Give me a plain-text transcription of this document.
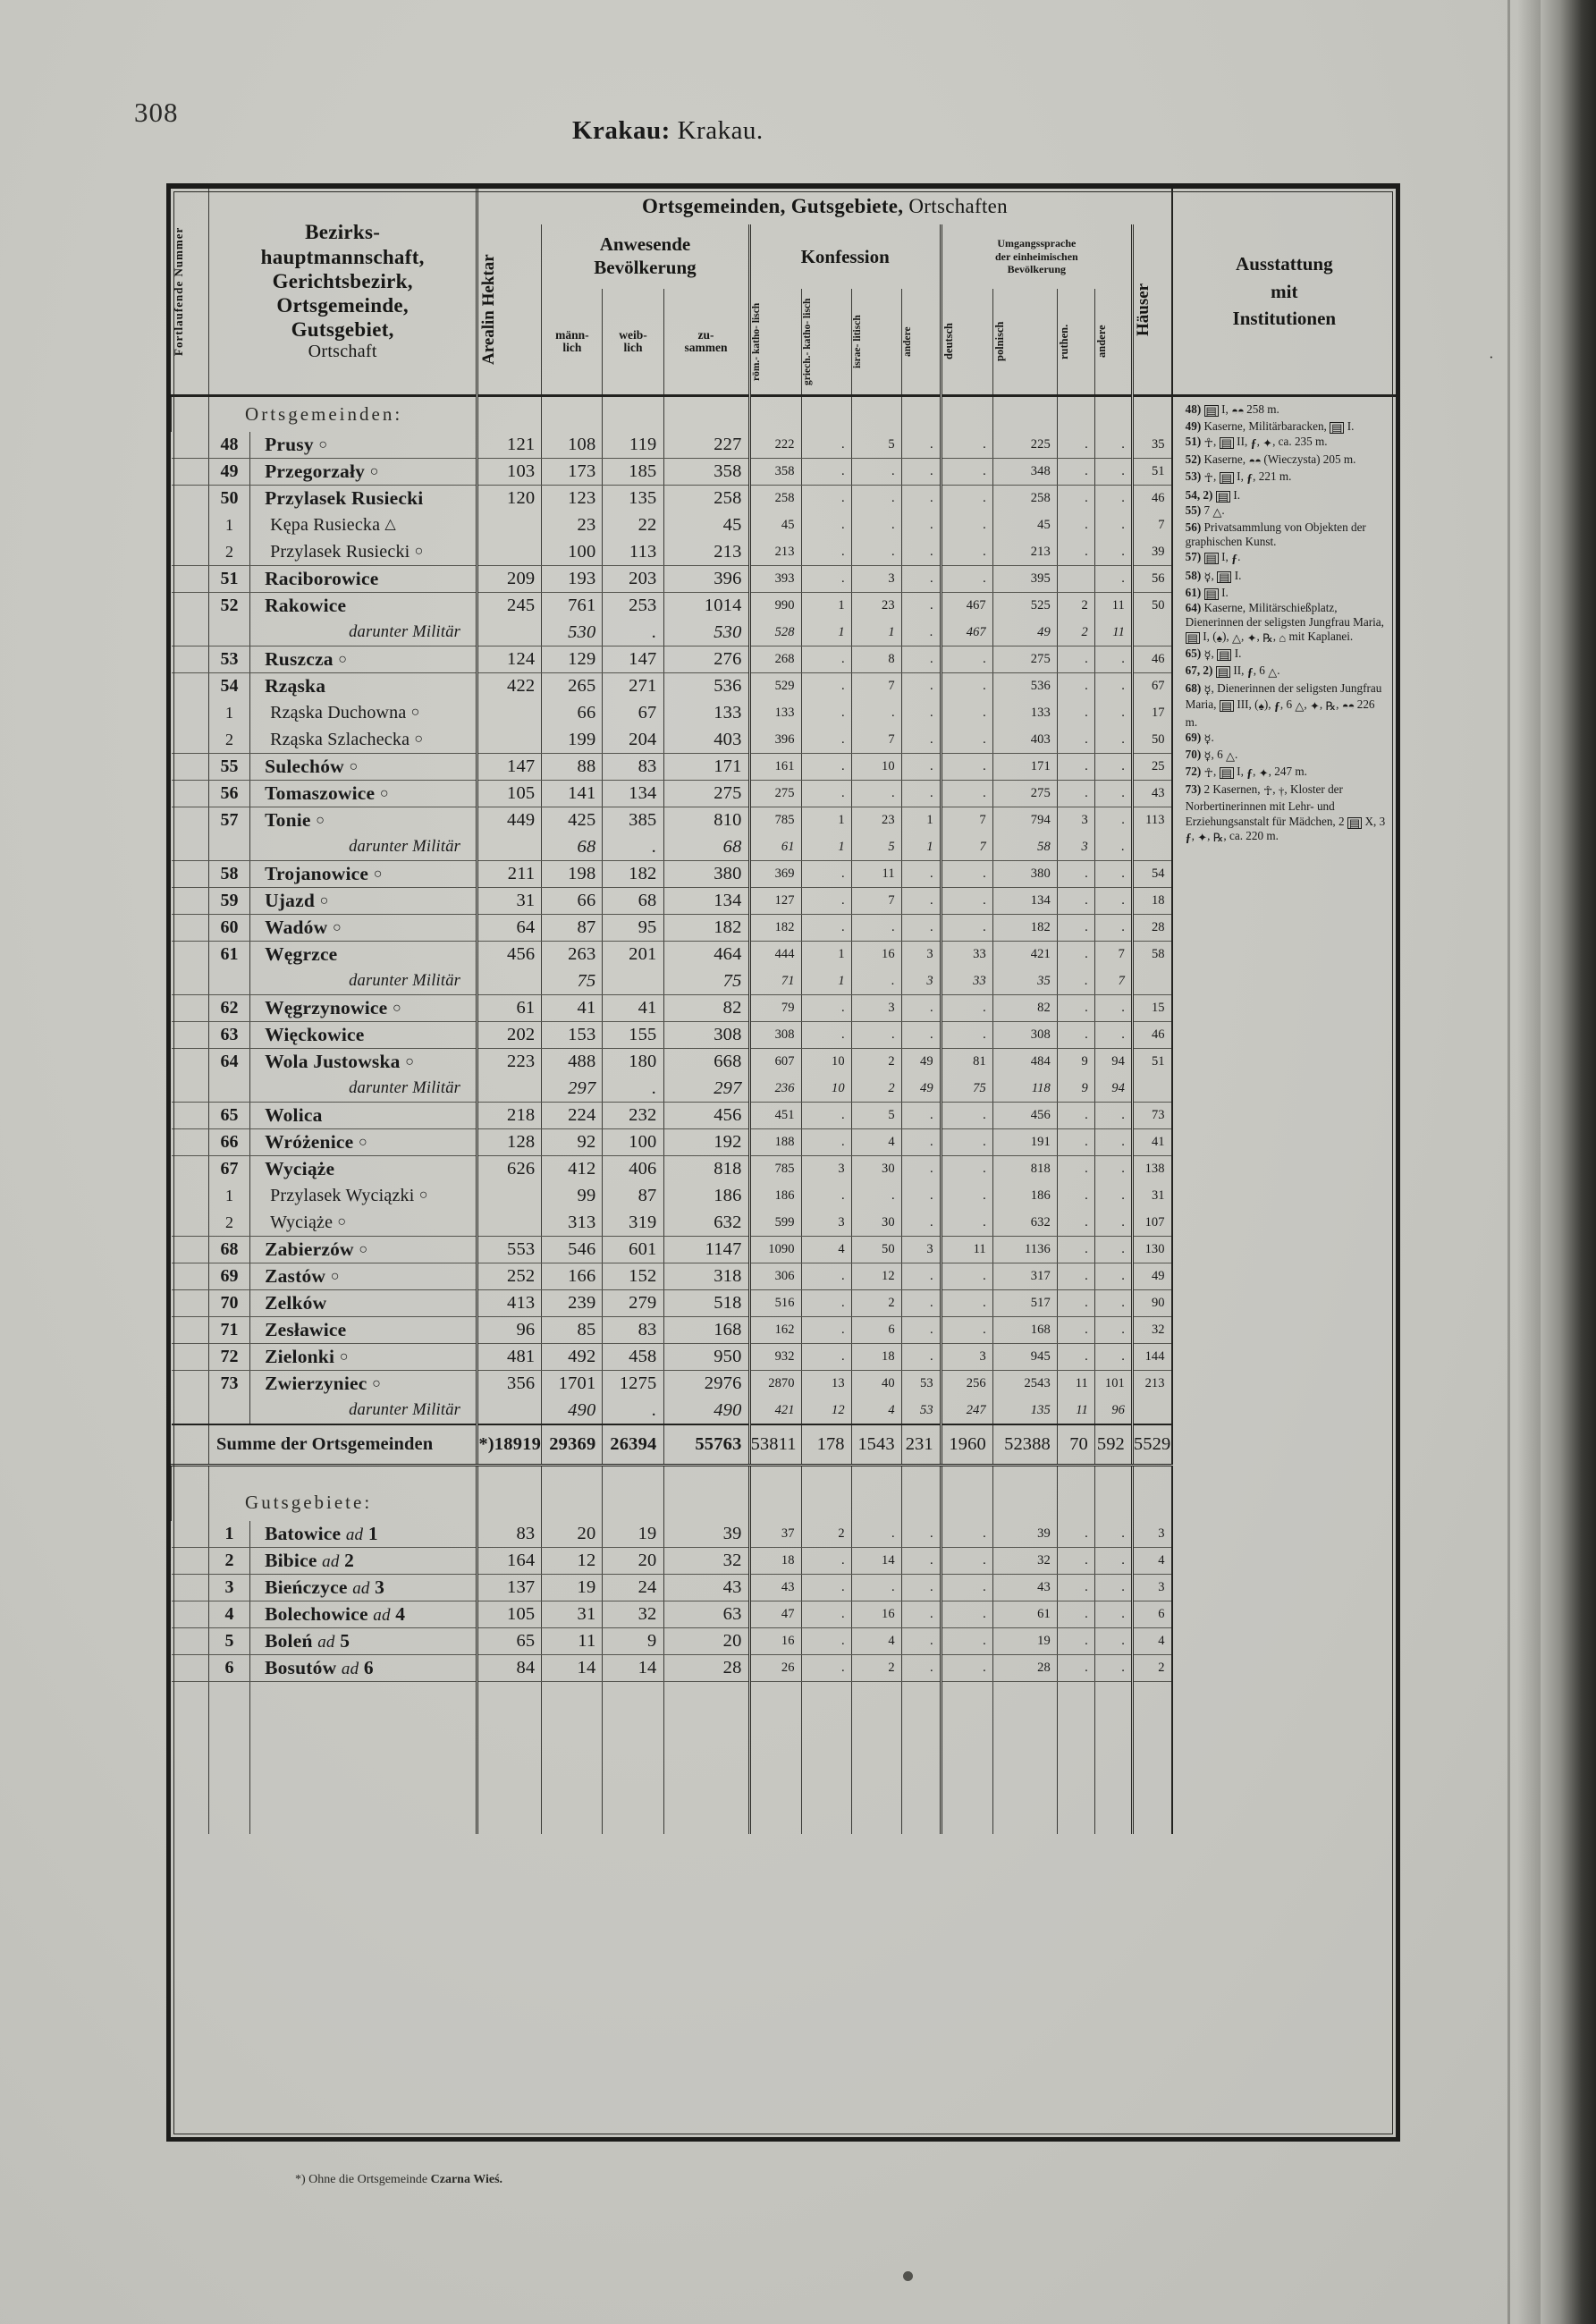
308
Krakau: Krakau.
Fortlaufende Nummer	Bezirks-
hauptmannschaft,
Gerichtsbezirk,
Ortsgemeinde,
Gutsgebiet,
Ortschaft
	Ortsgemeinden, Gutsgebiete, Ortschaften	
Ausstattung
mit
Institutionen

Areal

in Hektar

Anwesende
Bevölkerung
	Konfession	
Umgangssprache
der einheimischen
Bevölkerung

Häuser

männ-
lich

weib-
lich

zu-
sammen	röm.- katho- lisch	griech.- katho- lisch	israe- litisch	andere	deutsch	polnisch	ruthen.	andere

	Ortsgemeinden:														48) ▤ I, ◓◓ 258 m.
49) Kaserne, Militärbaracken, ▤ I.
51) ☥, ▤ II, ƒ, ✦, ca. 235 m.
52) Kaserne, ◓◓ (Wieczysta) 205 m.
53) ☥, ▤ I, ƒ, 221 m.
54, 2) ▤ I.
55) 7 △.
56) Privatsammlung von Objekten der graphischen Kunst.
57) ▤ I, ƒ.
58) ☿, ▤ I.
61) ▤ I.
64) Kaserne, Militärschießplatz, Dienerinnen der seligsten Jungfrau Maria, ▤ I, (♠), △, ✦, ℞, ⌂ mit Kaplanei.
65) ☿, ▤ I.
67, 2) ▤ II, ƒ, 6 △.
68) ☿, Dienerinnen der seligsten Jungfrau Maria, ▤ III, (♠), ƒ, 6 △, ✦, ℞, ◓◓ 226 m.
69) ☿.
70) ☿, 6 △.
72) ☥, ▤ I, ƒ, ✦, 247 m.
73) 2 Kasernen, ☥, †, Kloster der Norbertinerinnen mit Lehr- und Erziehungsanstalt für Mädchen, 2 ▤ X, 3 ƒ, ✦, ℞, ca. 220 m.

	48	Prusy ○	121	108	119	227	222	.	5	.	.	225	.	.	35	
	49	Przegorzały ○	103	173	185	358	358	.	.	.	.	348	.	.	51	
	50	Przylasek Rusiecki	120	123	135	258	258	.	.	.	.	258	.	.	46	
	1	Kępa Rusiecka △		23	22	45	45	.	.	.	.	45	.	.	7	
	2	Przylasek Rusiecki ○		100	113	213	213	.	.	.	.	213	.	.	39	
	51	Raciborowice	209	193	203	396	393	.	3	.	.	395		.	56	
	52	Rakowice	245	761	253	1014	990	1	23	.	467	525	2	11	50	
		darunter Militär		530	.	530	528	1	1	.	467	49	2	11		
	53	Ruszcza ○	124	129	147	276	268	.	8	.	.	275	.	.	46	
	54	Rząska	422	265	271	536	529	.	7	.	.	536	.	.	67	
	1	Rząska Duchowna ○		66	67	133	133	.	.	.	.	133	.	.	17	
	2	Rząska Szlachecka ○		199	204	403	396	.	7	.	.	403	.	.	50	
	55	Sulechów ○	147	88	83	171	161	.	10	.	.	171	.	.	25	
	56	Tomaszowice ○	105	141	134	275	275	.	.	.	.	275	.	.	43	
	57	Tonie ○	449	425	385	810	785	1	23	1	7	794	3	.	113	
		darunter Militär		68	.	68	61	1	5	1	7	58	3	.		
	58	Trojanowice ○	211	198	182	380	369	.	11	.	.	380	.	.	54	
	59	Ujazd ○	31	66	68	134	127	.	7	.	.	134	.	.	18	
	60	Wadów ○	64	87	95	182	182	.	.	.	.	182	.	.	28	
	61	Węgrzce	456	263	201	464	444	1	16	3	33	421	.	7	58	
		darunter Militär		75		75	71	1	.	3	33	35	.	7		
	62	Węgrzynowice ○	61	41	41	82	79	.	3	.	.	82	.	.	15	
	63	Więckowice	202	153	155	308	308	.	.	.	.	308	.	.	46	
	64	Wola Justowska ○	223	488	180	668	607	10	2	49	81	484	9	94	51	
		darunter Militär		297	.	297	236	10	2	49	75	118	9	94		
	65	Wolica	218	224	232	456	451	.	5	.	.	456	.	.	73	
	66	Wróżenice ○	128	92	100	192	188	.	4	.	.	191	.	.	41	
	67	Wyciąże	626	412	406	818	785	3	30	.	.	818	.	.	138	
	1	Przylasek Wyciązki ○		99	87	186	186	.	.	.	.	186	.	.	31	
	2	Wyciąże ○		313	319	632	599	3	30	.	.	632	.	.	107	
	68	Zabierzów ○	553	546	601	1147	1090	4	50	3	11	1136	.	.	130	
	69	Zastów ○	252	166	152	318	306	.	12	.	.	317	.	.	49	
	70	Zelków	413	239	279	518	516	.	2	.	.	517	.	.	90	
	71	Zesławice	96	85	83	168	162	.	6	.	.	168	.	.	32	
	72	Zielonki ○	481	492	458	950	932	.	18	.	3	945	.	.	144	
	73	Zwierzyniec ○	356	1701	1275	2976	2870	13	40	53	256	2543	11	101	213	
		darunter Militär		490	.	490	421	12	4	53	247	135	11	96		
	Summe der Ortsgemeinden		*)18919	29369	26394	55763	53811	178	1543	231	1960	52388	70	592	5529	
	Gutsgebiete:															
	1	Batowice ad 1	83	20	19	39	37	2	.	.	.	39	.	.	3	
	2	Bibice ad 2	164	12	20	32	18	.	14	.	.	32	.	.	4	
	3	Bieńczyce ad 3	137	19	24	43	43	.	.	.	.	43	.	.	3	
	4	Bolechowice ad 4	105	31	32	63	47	.	16	.	.	61	.	.	6	
	5	Boleń ad 5	65	11	9	20	16	.	4	.	.	19	.	.	4	
	6	Bosutów ad 6	84	14	14	28	26	.	2	.	.	28	.	.	2	

*) Ohne die Ortsgemeinde Czarna Wieś.
·
